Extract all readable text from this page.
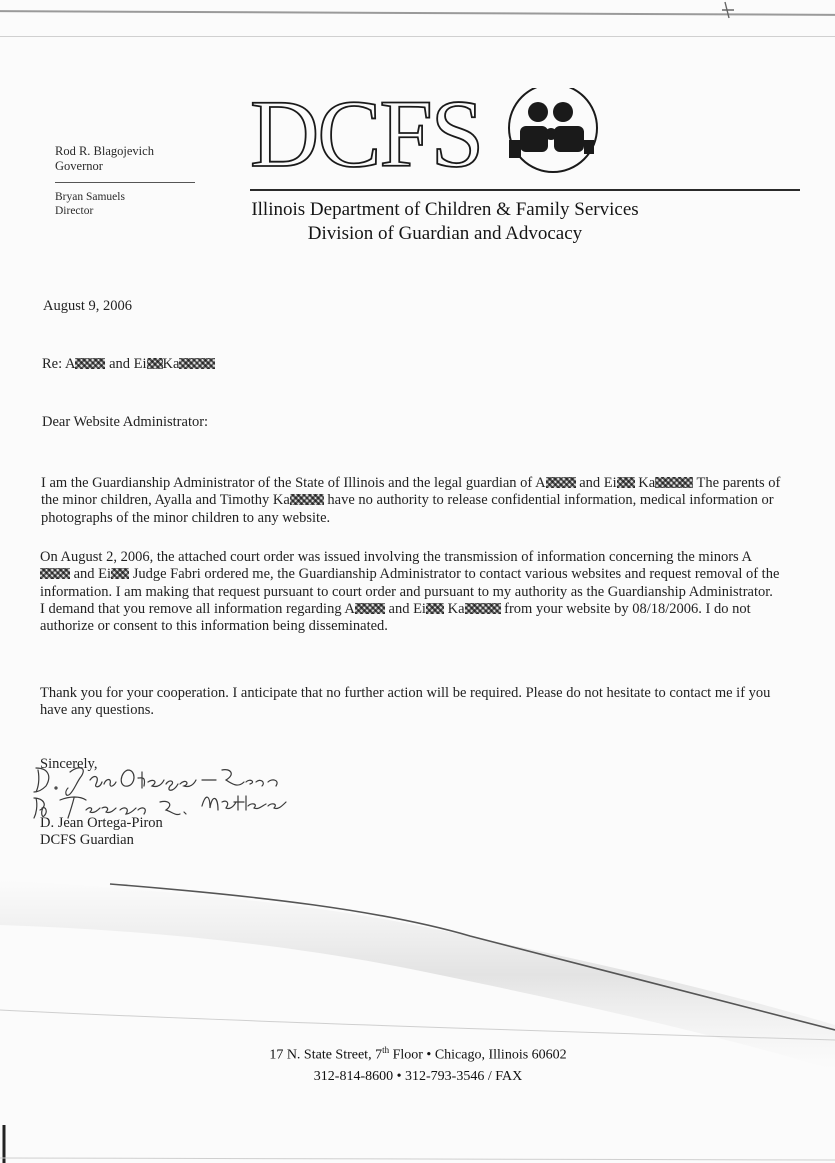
DCFS
Rod R. Blagojevich
Governor
Bryan Samuels
Director	Illinois Department of Children & Family Services
Division of Guardian and Advocacy
August 9, 2006
Re: A and Ei Ka
Dear Website Administrator:
I am the Guardianship Administrator of the State of Illinois and the legal guardian of A and Ei Ka	The parents of the minor children, Ayalla and Timothy Ka have no authority to release confidential information, medical information or photographs of the minor children to any website.
On August 2, 2006, the attached court order was issued involving the transmission of information concerning the minors A and Ei Judge Fabri ordered me, the Guardianship Administrator to contact various websites and request removal of the information. I am making that request pursuant to court order and pursuant to my authority as the Guardianship Administrator. I demand that you remove all information regarding A and Ei Ka from your website by 08/18/2006. I do not authorize or consent to this information being disseminated.
Thank you for your cooperation. I anticipate that no further action will be required. Please do not hesitate to contact me if you have any questions.
Sincerely,
D. Jean Ortega-Piron
DCFS Guardian
17 N. State Street, 7th Floor • Chicago, Illinois 60602
312-814-8600 • 312-793-3546 / FAX
